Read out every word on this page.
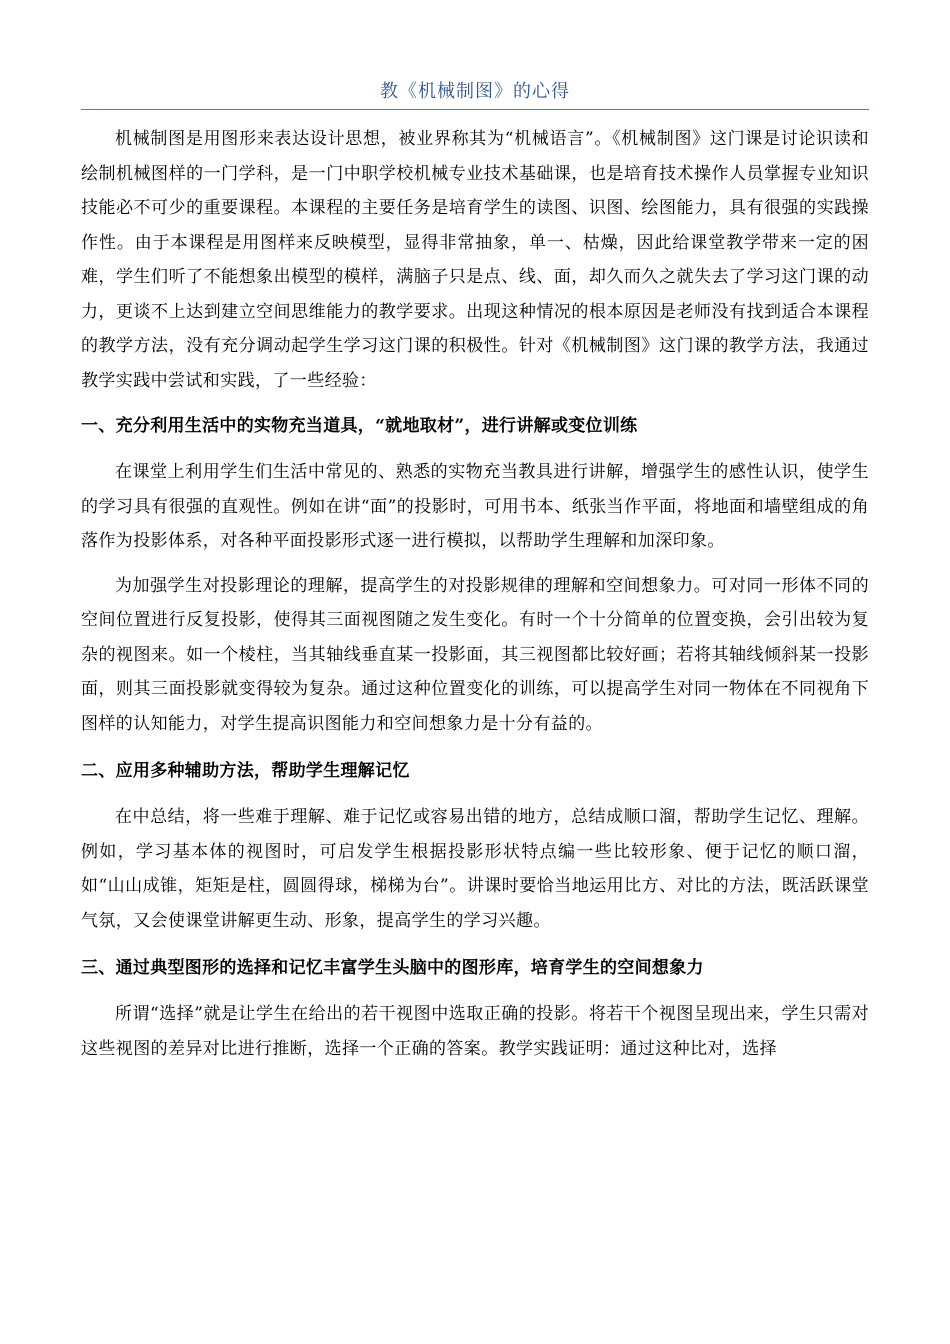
教《机械制图》的心得

机械制图是用图形来表达设计思想，被业界称其为“机械语言”。《机械制图》这门课是讨论识读和绘制机械图样的一门学科，是一门中职学校机械专业技术基础课，也是培育技术操作人员掌握专业知识技能必不可少的重要课程。本课程的主要任务是培育学生的读图、识图、绘图能力，具有很强的实践操作性。由于本课程是用图样来反映模型，显得非常抽象，单一、枯燥，因此给课堂教学带来一定的困难，学生们听了不能想象出模型的模样，满脑子只是点、线、面，却久而久之就失去了学习这门课的动力，更谈不上达到建立空间思维能力的教学要求。出现这种情况的根本原因是老师没有找到适合本课程的教学方法，没有充分调动起学生学习这门课的积极性。针对《机械制图》这门课的教学方法，我通过教学实践中尝试和实践，了一些经验：

一、充分利用生活中的实物充当道具，“就地取材”，进行讲解或变位训练

在课堂上利用学生们生活中常见的、熟悉的实物充当教具进行讲解，增强学生的感性认识，使学生的学习具有很强的直观性。例如在讲“面”的投影时，可用书本、纸张当作平面，将地面和墙壁组成的角落作为投影体系，对各种平面投影形式逐一进行模拟，以帮助学生理解和加深印象。

为加强学生对投影理论的理解，提高学生的对投影规律的理解和空间想象力。可对同一形体不同的空间位置进行反复投影，使得其三面视图随之发生变化。有时一个十分简单的位置变换，会引出较为复杂的视图来。如一个棱柱，当其轴线垂直某一投影面，其三视图都比较好画；若将其轴线倾斜某一投影面，则其三面投影就变得较为复杂。通过这种位置变化的训练，可以提高学生对同一物体在不同视角下图样的认知能力，对学生提高识图能力和空间想象力是十分有益的。

二、应用多种辅助方法，帮助学生理解记忆

在中总结，将一些难于理解、难于记忆或容易出错的地方，总结成顺口溜，帮助学生记忆、理解。例如，学习基本体的视图时，可启发学生根据投影形状特点编一些比较形象、便于记忆的顺口溜，如“山山成锥，矩矩是柱，圆圆得球，梯梯为台”。讲课时要恰当地运用比方、对比的方法，既活跃课堂气氛，又会使课堂讲解更生动、形象，提高学生的学习兴趣。

三、通过典型图形的选择和记忆丰富学生头脑中的图形库，培育学生的空间想象力

所谓“选择”就是让学生在给出的若干视图中选取正确的投影。将若干个视图呈现出来，学生只需对这些视图的差异对比进行推断，选择一个正确的答案。教学实践证明：通过这种比对，选择
